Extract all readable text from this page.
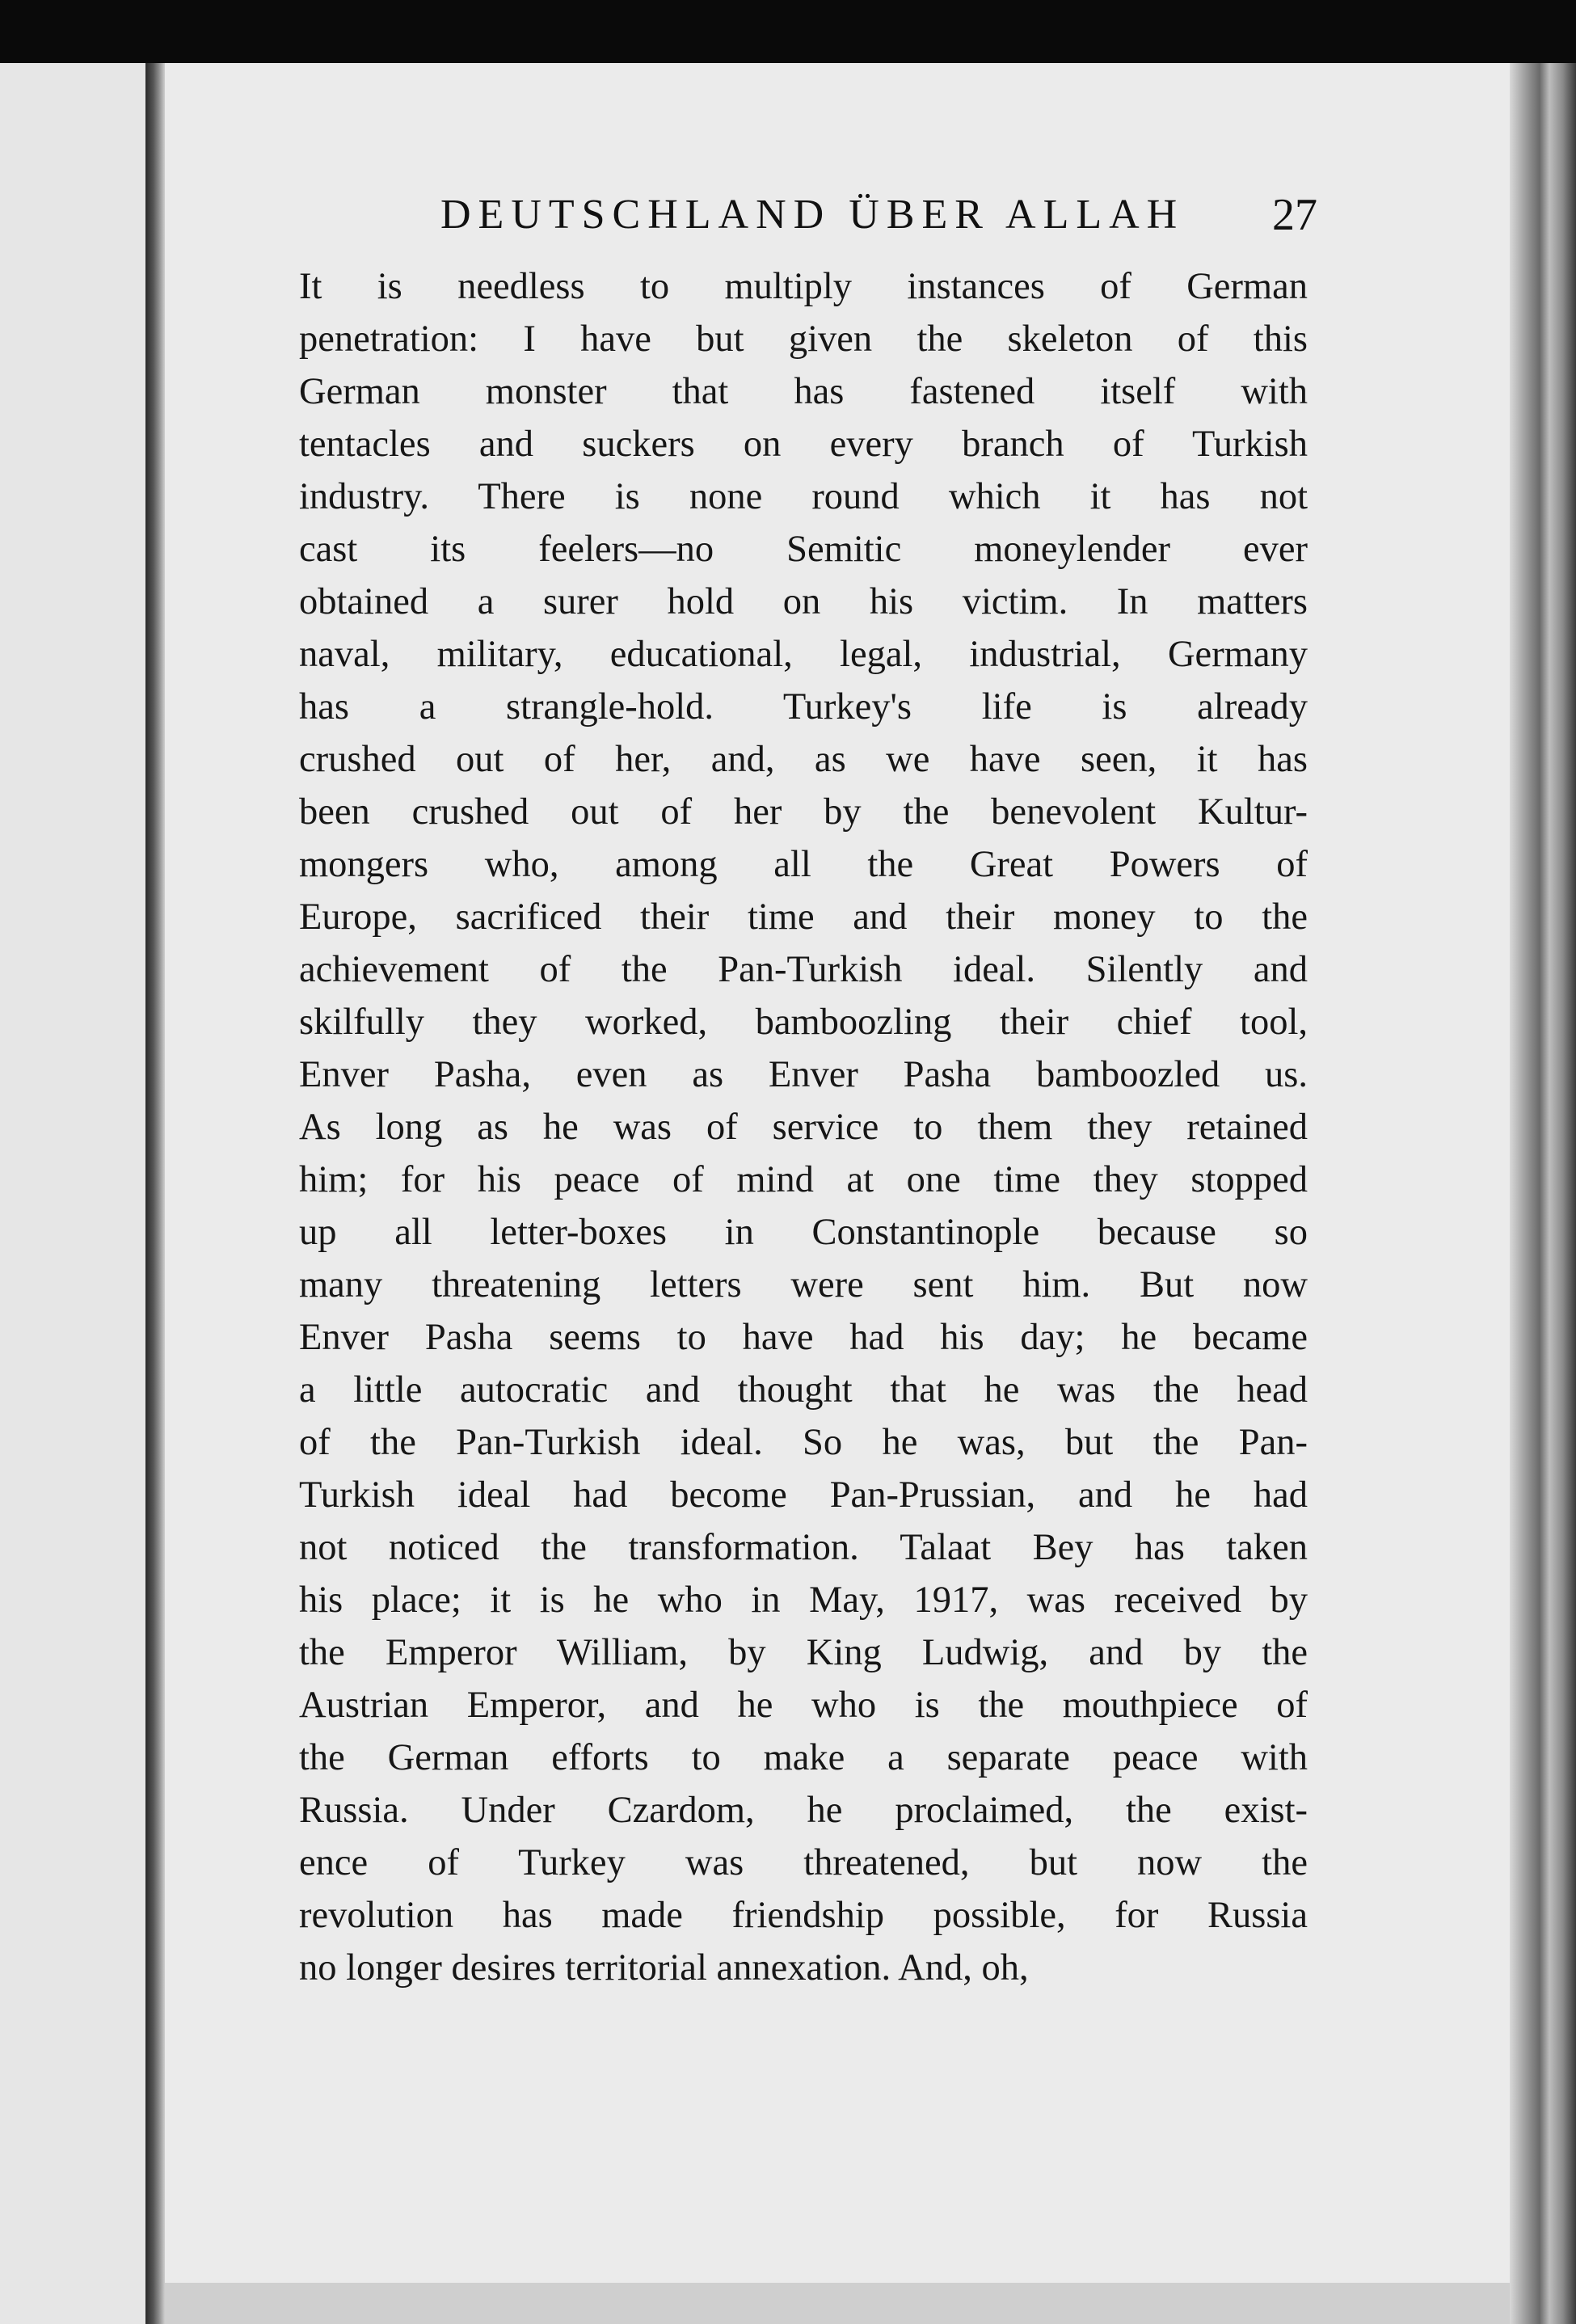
DEUTSCHLAND ÜBER ALLAH 27
It is needless to multiply instances of German
penetration: I have but given the skeleton of this
German monster that has fastened itself with
tentacles and suckers on every branch of Turkish
industry. There is none round which it has not
cast its feelers—no Semitic moneylender ever
obtained a surer hold on his victim. In matters
naval, military, educational, legal, industrial, Germany
has a strangle-hold. Turkey's life is already
crushed out of her, and, as we have seen, it has
been crushed out of her by the benevolent Kultur-
mongers who, among all the Great Powers of
Europe, sacrificed their time and their money to the
achievement of the Pan-Turkish ideal. Silently and
skilfully they worked, bamboozling their chief tool,
Enver Pasha, even as Enver Pasha bamboozled us.
As long as he was of service to them they retained
him; for his peace of mind at one time they stopped
up all letter-boxes in Constantinople because so
many threatening letters were sent him. But now
Enver Pasha seems to have had his day; he became
a little autocratic and thought that he was the head
of the Pan-Turkish ideal. So he was, but the Pan-
Turkish ideal had become Pan-Prussian, and he had
not noticed the transformation. Talaat Bey has taken
his place; it is he who in May, 1917, was received by
the Emperor William, by King Ludwig, and by the
Austrian Emperor, and he who is the mouthpiece of
the German efforts to make a separate peace with
Russia. Under Czardom, he proclaimed, the exist-
ence of Turkey was threatened, but now the
revolution has made friendship possible, for Russia
no longer desires territorial annexation. And, oh,
